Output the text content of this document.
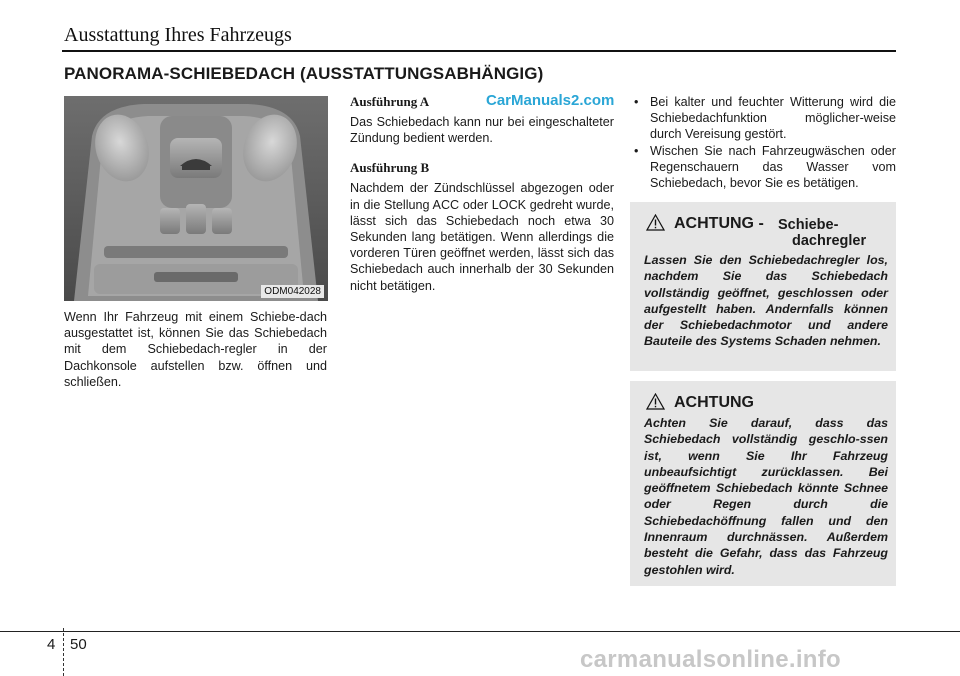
Ausstattung Ihres Fahrzeugs
PANORAMA-SCHIEBEDACH (AUSSTATTUNGSABHÄNGIG)
ODM042028
Wenn Ihr Fahrzeug mit einem Schiebe-dach ausgestattet ist, können Sie das Schiebedach mit dem Schiebedach-regler in der Dachkonsole aufstellen bzw. öffnen und schließen.

Ausführung A

Das Schiebedach kann nur bei eingeschalteter Zündung bedient werden.

Ausführung B

Nachdem der Zündschlüssel abgezogen oder in die Stellung ACC oder LOCK gedreht wurde, lässt sich das Schiebedach noch etwa 30 Sekunden lang betätigen. Wenn allerdings die vorderen Türen geöffnet werden, lässt sich das Schiebedach auch innerhalb der 30 Sekunden nicht betätigen.
CarManuals2.com • Bei kalter und feuchter Witterung wird die Schiebedachfunktion möglicher-weise durch Vereisung gestört.
• Wischen Sie nach Fahrzeugwäschen oder Regenschauern das Wasser vom Schiebedach, bevor Sie es betätigen.
ACHTUNG - Schiebe-
dachregler
Lassen Sie den Schiebedachregler los, nachdem Sie das Schiebedach vollständig geöffnet, geschlossen oder aufgestellt haben. Andernfalls können der Schiebedachmotor und andere Bauteile des Systems Schaden nehmen.
ACHTUNG
Achten Sie darauf, dass das Schiebedach vollständig geschlo-ssen ist, wenn Sie Ihr Fahrzeug unbeaufsichtigt zurücklassen. Bei geöffnetem Schiebedach könnte Schnee oder Regen durch die Schiebedachöffnung fallen und den Innenraum durchnässen. Außerdem besteht die Gefahr, dass das Fahrzeug gestohlen wird.
4 50
carmanualsonline.info
